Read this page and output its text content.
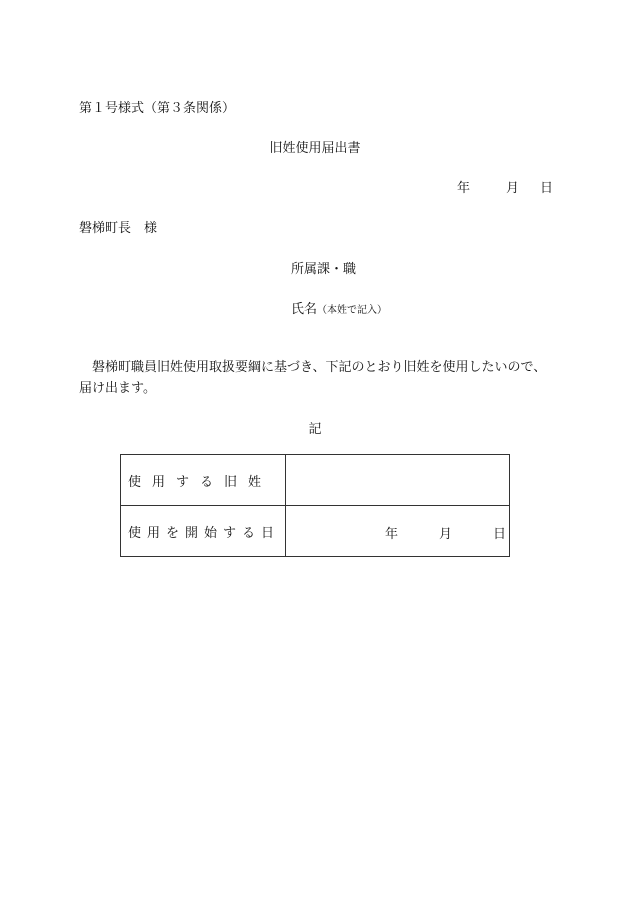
第１号様式（第３条関係）
旧姓使用届出書
年	月 日
磐梯町長　様
所属課・職
氏名（本姓で記入）
磐梯町職員旧姓使用取扱要綱に基づき、下記のとおり旧姓を使用したいので、届け出ます。
記
使用する旧姓	
使用を開始する日	年 月 日
